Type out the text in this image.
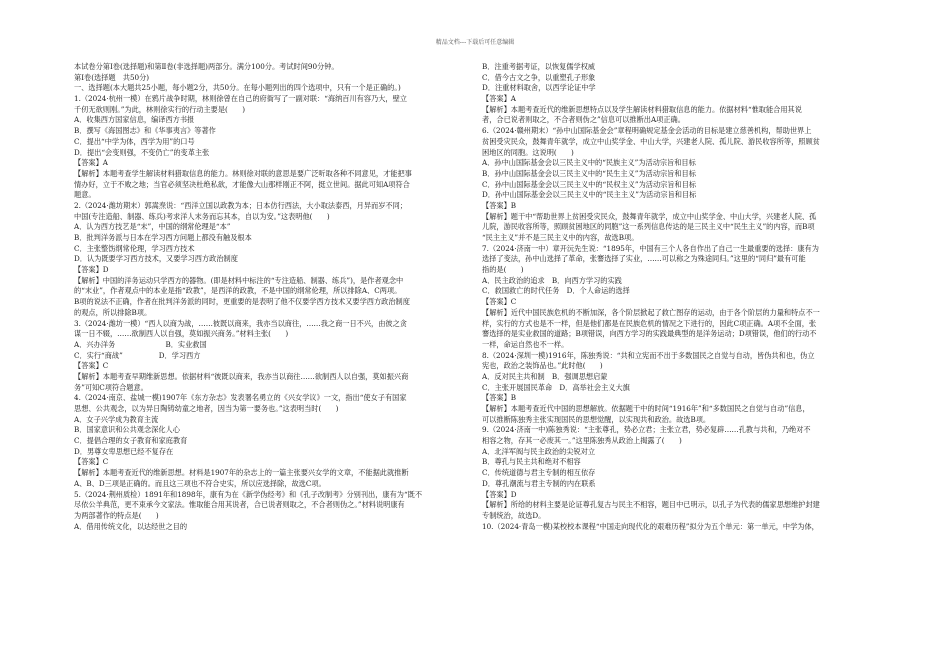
精品文档---下载后可任意编辑
本试卷分第Ⅰ卷(选择题)和第Ⅱ卷(非选择题)两部分。满分100分。考试时间90分钟。
第Ⅰ卷(选择题　共50分)
一、选择题(本大题共25小题，每小题2分，共50分。在每小题列出的四个选项中，只有一个是正确的。)
1.（2024·杭州一模）在鸦片战争时期，林则徐曾在自己的府衙写了一副对联：“海纳百川有容乃大，壁立
千仞无欲则刚。”为此，林则徐实行的行动主要是(　　)
A．收集西方国家信息，编译西方书报
B．撰写《海国图志》和《华事夷言》等著作
C．提出“中学为体，西学为用”的口号
D．提出“会变则强，不变仍亡”的变革主张
【答案】A
【解析】本题考查学生解读材料猎取信息的能力。林则徐对联的意思是要广泛听取各种不同意见，才能把事
情办好，立于不败之地；当官必须坚决杜绝私欲，才能像大山那样刚正不阿，挺立世间。据此可知A项符合
题意。
2.（2024·潍坊期末）郭嵩焘说：“西洋立国以政教为本；日本仿行西法，大小取法泰西，月异而岁不同；
中国(专注造船、制器、练兵)考求洋人末务而忘其本，自以为安。”这表明他(　　)
A．认为西方技艺是“末”，中国的纲常伦理是“本”
B．批判洋务派与日本在学习西方问题上都没有触及根本
C．主张整饬纲常伦理，学习西方技术
D．认为既要学习西方技术，又要学习西方政治制度
【答案】D
【解析】中国的洋务运动只学西方的器物。(即是材料中标注的“专注造船、制器、练兵”)，是作者观念中
的“末业”，作者观点中的本业是指“政教”，是西洋的政教，不是中国的纲常伦理，所以排除A、C两项。
B项的说法不正确，作者在批判洋务派的同时，更重要的是表明了他不仅要学西方技术又要学西方政治制度
的观点，所以排除B项。
3.（2024·潍坊一模）“西人以商为战，……彼既以商来，我亦当以商往，……我之商一日不兴，由彼之贪
谋一日不辍，……欲制西人以自强，莫如振兴商务。”材料主张(　　)
A．兴办洋务　　　　　　　B．实业救国
C．实行“商战”　　　　　D．学习西方
【答案】C
【解析】本题考查早期维新思想。依据材料“彼既以商来，我亦当以商往……欲制西人以自强，莫如振兴商
务”可知C项符合题意。
4.（2024·南京、盐城一模)1907年《东方杂志》发表署名勇立的《兴女学议》一文，指出“使女子有国家
思想、公共观念，以为异日陶铸幼童之地者，因当为第一要务也。”这表明当时(　　)
A．女子兴学成为教育主流
B．国家意识和公共观念深化人心
C．提倡合理的女子教育和家庭教育
D．男尊女卑思想已经不复存在
【答案】C
【解析】本题考查近代的维新思想。材料是1907年的杂志上的一篇主张要兴女学的文章，不能据此就推断
A、B、D三项是正确的。而且这三项也不符合史实，所以应选择除，故选C项。
5.（2024·荆州质检）1891年和1898年，康有为在《新学伪经考》和《孔子改制考》分别刊出，康有为“既不
尽依公羊典范，更不束承今文家法。惟取能合用其说者，合已说者则取之，不合者则伪之。”材料说明康有
为两部著作的特点是(　　)
A．借用传统文化，以达经世之目的
B．注重考据考证，以恢复儒学权威
C．借今古文之争，以重塑孔子形象
D．注重材料取舍，以西学论证中学
【答案】A
【解析】本题考查近代的维新思想特点以及学生解读材料猎取信息的能力。依据材料“惟取能合用其说
者，合已说者则取之，不合者则伪之”信息可以推断出A项正确。
6.（2024·赣州期末）“孙中山国际基金会”章程明确规定基金会活动的目标是建立慈善机构，帮助世界上
贫困受灾民众，鼓舞青年就学，成立中山奖学金、中山大学，兴建老人院、孤儿院、游民收容所等，照顾贫
困地区的同胞。这说明(　　)
A．孙中山国际基金会以三民主义中的“民族主义”为活动宗旨和目标
B．孙中山国际基金会以三民主义中的“民生主义”为活动宗旨和目标
C．孙中山国际基金会以三民主义中的“民权主义”为活动宗旨和目标
D．孙中山国际基金会以三民主义中的“民主主义”为活动宗旨和目标
【答案】B
【解析】题干中“帮助世界上贫困受灾民众，鼓舞青年就学，成立中山奖学金、中山大学，兴建老人院、孤
儿院，游民收容所等，照顾贫困地区的同胞”这一系列信息传达的是三民主义中“民生主义”的内容，而B项
“民主主义”并不是三民主义中的内容，故选B项。
7.（2024·济南一中）章开沅先生说：“1895年，中国有三个人各自作出了自己一生最重要的选择：康有为
选择了变法，孙中山选择了革命，张謇选择了实业，……可以称之为殊途同归。”这里的“同归”最有可能
指的是(　　)
A．民主政治的追求　B．向西方学习的实践
C．救国救亡的时代任务　D．个人命运的选择
【答案】C
【解析】近代中国民族危机的不断加深，各个阶层掀起了救亡图存的运动，由于各个阶层的力量和特点不一
样，实行的方式也是不一样，但是他们都是在民族危机的情况之下进行的，因此C项正确。A项不全面，张
謇选择的是实业救国的道路；B项错误，向西方学习的实践最典型的是洋务运动；D项错误，他们的行动不
一样，命运自然也不一样。
8.（2024·深圳一模)1916年，陈独秀说：“共和立宪而不出于多数国民之自觉与自动，皆伪共和也，伪立
宪也，政治之装饰品也。”此时他(　　)
A．反对民主共和制　B．强调思想启蒙
C．主张开展国民革命　D．高举社会主义大旗
【答案】B
【解析】本题考查近代中国的思想解放。依据题干中的时间“1916年”和“多数国民之自觉与自动”信息，
可以推断陈独秀主张实现国民的思想觉醒，以实现共和政治。故选B项。
9.（2024·济南一中)陈独秀说：“主张尊孔，势必立君；主张立君，势必复辟……孔教与共和，乃绝对不
相容之物，存其一必废其一。”这里陈独秀从政治上揭露了(　　)
A．北洋军阀与民主政治的尖锐对立
B．尊孔与民主共和绝对不相容
C．传统道德与君主专制的相互依存
D．尊孔潮流与君主专制的内在联系
【答案】D
【解析】所给的材料主要是论证尊孔复古与民主不相容，题目中已明示，以孔子为代表的儒家思想维护封建
专制统治，故选D。
10.（2024·青岛一模)某校校本课程“中国走向现代化的艰难历程”拟分为五个单元：第一单元，中学为体，
